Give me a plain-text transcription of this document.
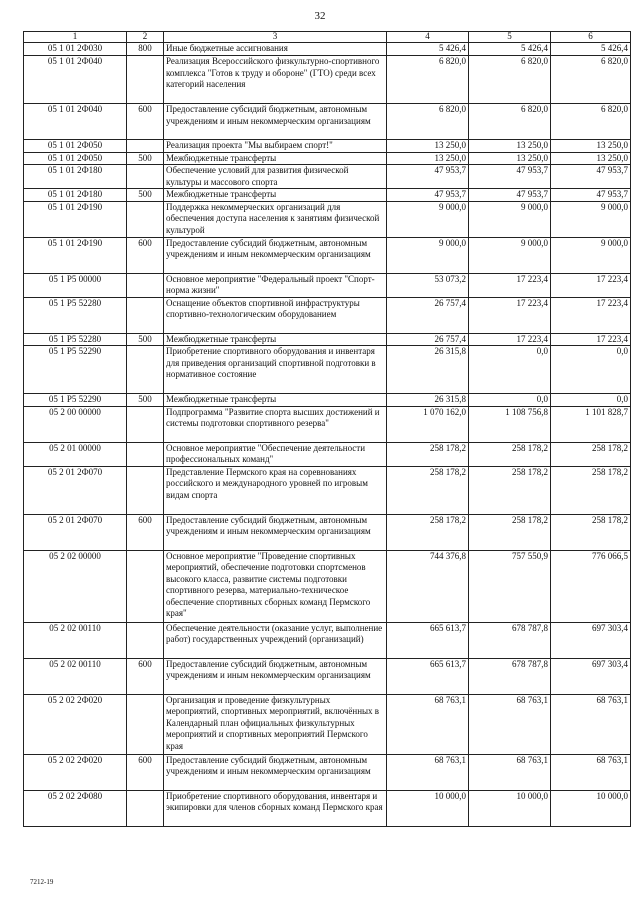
32
1	2	3	4	5	6
05 1 01 2Ф030	800	Иные бюджетные ассигнования	5 426,4	5 426,4	5 426,4
05 1 01 2Ф040		Реализация Всероссийского физкультурно-спортивного комплекса "Готов к труду и обороне" (ГТО) среди всех категорий населения	6 820,0	6 820,0	6 820,0
05 1 01 2Ф040	600	Предоставление субсидий бюджетным, автономным учреждениям и иным некоммерческим организациям	6 820,0	6 820,0	6 820,0
05 1 01 2Ф050		Реализация проекта "Мы выбираем спорт!"	13 250,0	13 250,0	13 250,0
05 1 01 2Ф050	500	Межбюджетные трансферты	13 250,0	13 250,0	13 250,0
05 1 01 2Ф180		Обеспечение условий для развития физической культуры и массового спорта	47 953,7	47 953,7	47 953,7
05 1 01 2Ф180	500	Межбюджетные трансферты	47 953,7	47 953,7	47 953,7
05 1 01 2Ф190		Поддержка некоммерческих организаций для обеспечения доступа населения к занятиям физической культурой	9 000,0	9 000,0	9 000,0
05 1 01 2Ф190	600	Предоставление субсидий бюджетным, автономным учреждениям и иным некоммерческим организациям	9 000,0	9 000,0	9 000,0
05 1 P5 00000		Основное мероприятие "Федеральный проект "Спорт-норма жизни"	53 073,2	17 223,4	17 223,4
05 1 P5 52280		Оснащение объектов спортивной инфраструктуры спортивно-технологическим оборудованием	26 757,4	17 223,4	17 223,4
05 1 P5 52280	500	Межбюджетные трансферты	26 757,4	17 223,4	17 223,4
05 1 P5 52290		Приобретение спортивного оборудования и инвентаря для приведения организаций спортивной подготовки в нормативное состояние	26 315,8	0,0	0,0
05 1 P5 52290	500	Межбюджетные трансферты	26 315,8	0,0	0,0
05 2 00 00000		Подпрограмма "Развитие спорта высших достижений и системы подготовки спортивного резерва"	1 070 162,0	1 108 756,8	1 101 828,7
05 2 01 00000		Основное мероприятие "Обеспечение деятельности профессиональных команд"	258 178,2	258 178,2	258 178,2
05 2 01 2Ф070		Представление Пермского края на соревнованиях российского и международного уровней по игровым видам спорта	258 178,2	258 178,2	258 178,2
05 2 01 2Ф070	600	Предоставление субсидий бюджетным, автономным учреждениям и иным некоммерческим организациям	258 178,2	258 178,2	258 178,2
05 2 02 00000		Основное мероприятие "Проведение спортивных мероприятий, обеспечение подготовки спортсменов высокого класса, развитие системы подготовки спортивного резерва, материально-техническое обеспечение спортивных сборных команд Пермского края"	744 376,8	757 550,9	776 066,5
05 2 02 00110		Обеспечение деятельности (оказание услуг, выполнение работ) государственных учреждений (организаций)	665 613,7	678 787,8	697 303,4
05 2 02 00110	600	Предоставление субсидий бюджетным, автономным учреждениям и иным некоммерческим организациям	665 613,7	678 787,8	697 303,4
05 2 02 2Ф020		Организация и проведение физкультурных мероприятий, спортивных мероприятий, включённых в Календарный план официальных физкультурных мероприятий и спортивных мероприятий Пермского края	68 763,1	68 763,1	68 763,1
05 2 02 2Ф020	600	Предоставление субсидий бюджетным, автономным учреждениям и иным некоммерческим организациям	68 763,1	68 763,1	68 763,1
05 2 02 2Ф080		Приобретение спортивного оборудования, инвентаря и экипировки для членов сборных команд Пермского края	10 000,0	10 000,0	10 000,0
7212-19
